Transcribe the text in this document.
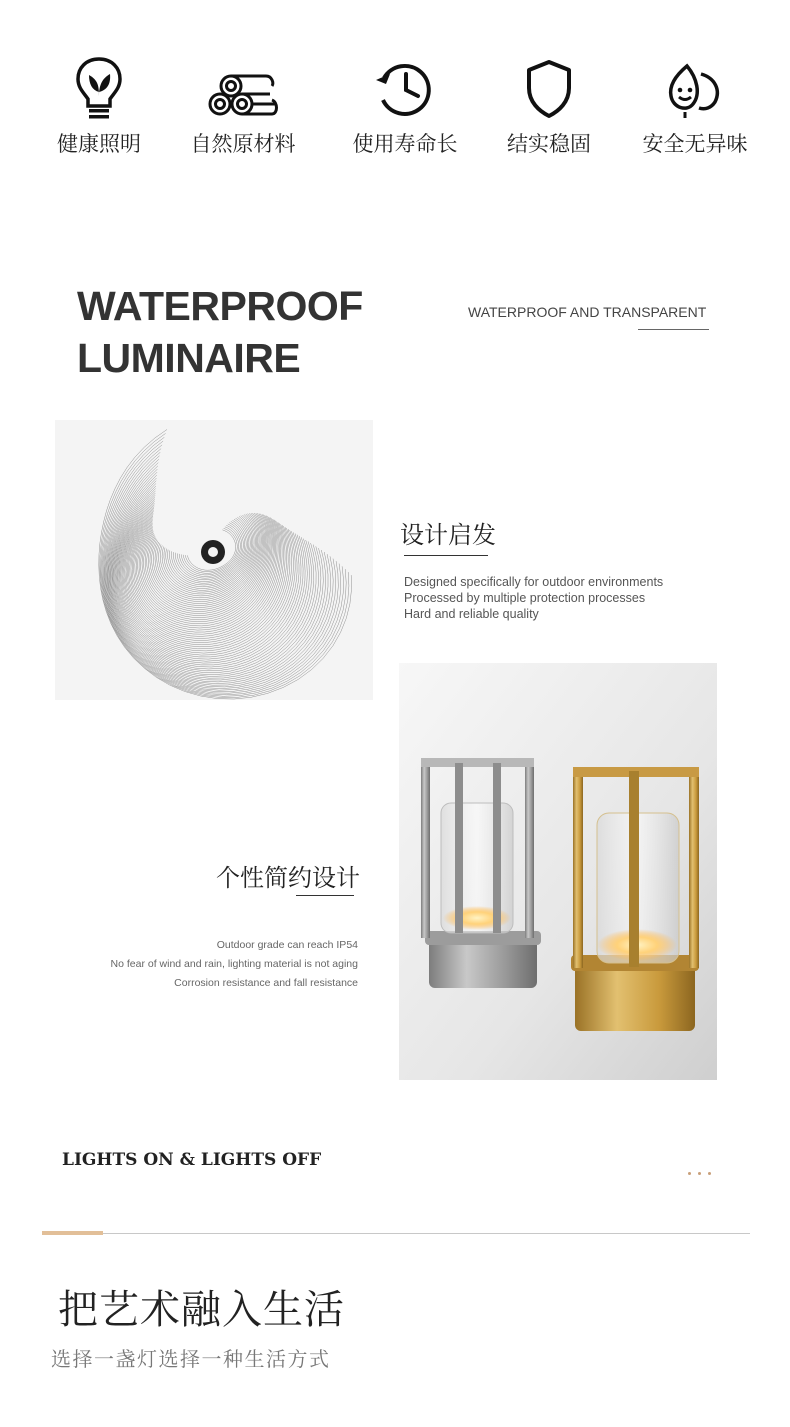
健康照明	自然原材料	使用寿命长	结实稳固	安全无异味
WATERPROOF
LUMINAIRE
WATERPROOF AND TRANSPARENT
设计启发
Designed specifically for outdoor environments
Processed by multiple protection processes
Hard and reliable quality
个性简约设计
Outdoor grade can reach IP54
No fear of wind and rain, lighting material is not aging
Corrosion resistance and fall resistance
LIGHTS ON & LIGHTS OFF
把艺术融入生活
选择一盏灯选择一种生活方式
